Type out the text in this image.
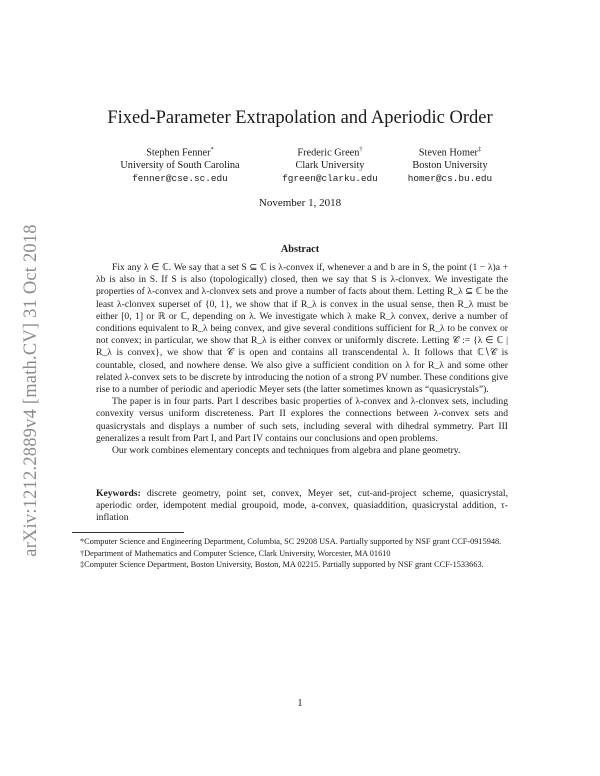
arXiv:1212.2889v4 [math.CV] 31 Oct 2018
Fixed-Parameter Extrapolation and Aperiodic Order
Stephen Fenner*
University of South Carolina
fenner@cse.sc.edu
Frederic Green†
Clark University
fgreen@clarku.edu
Steven Homer‡
Boston University
homer@cs.bu.edu
November 1, 2018
Abstract

Fix any λ ∈ ℂ. We say that a set S ⊆ ℂ is λ-convex if, whenever a and b are in S, the point (1 − λ)a + λb is also in S. If S is also (topologically) closed, then we say that S is λ-clonvex. We investigate the properties of λ-convex and λ-clonvex sets and prove a number of facts about them. Letting R_λ ⊆ ℂ be the least λ-clonvex superset of {0, 1}, we show that if R_λ is convex in the usual sense, then R_λ must be either [0, 1] or ℝ or ℂ, depending on λ. We investigate which λ make R_λ convex, derive a number of conditions equivalent to R_λ being convex, and give several conditions sufficient for R_λ to be convex or not convex; in particular, we show that R_λ is either convex or uniformly discrete. Letting 𝒞 := {λ ∈ ℂ | R_λ is convex}, we show that 𝒞 is open and contains all transcendental λ. It follows that ℂ∖𝒞 is countable, closed, and nowhere dense. We also give a sufficient condition on λ for R_λ and some other related λ-convex sets to be discrete by introducing the notion of a strong PV number. These conditions give rise to a number of periodic and aperiodic Meyer sets (the latter sometimes known as “quasicrystals”).

The paper is in four parts. Part I describes basic properties of λ-convex and λ-clonvex sets, including convexity versus uniform discreteness. Part II explores the connections between λ-convex sets and quasicrystals and displays a number of such sets, including several with dihedral symmetry. Part III generalizes a result from Part I, and Part IV contains our conclusions and open problems.

Our work combines elementary concepts and techniques from algebra and plane geometry.

Keywords: discrete geometry, point set, convex, Meyer set, cut-and-project scheme, quasicrystal, aperiodic order, idempotent medial groupoid, mode, a-convex, quasiaddition, quasicrystal addition, τ-inflation

*Computer Science and Engineering Department, Columbia, SC 29208 USA. Partially supported by NSF grant CCF-0915948.

†Department of Mathematics and Computer Science, Clark University, Worcester, MA 01610

‡Computer Science Department, Boston University, Boston, MA 02215. Partially supported by NSF grant CCF-1533663.

1
